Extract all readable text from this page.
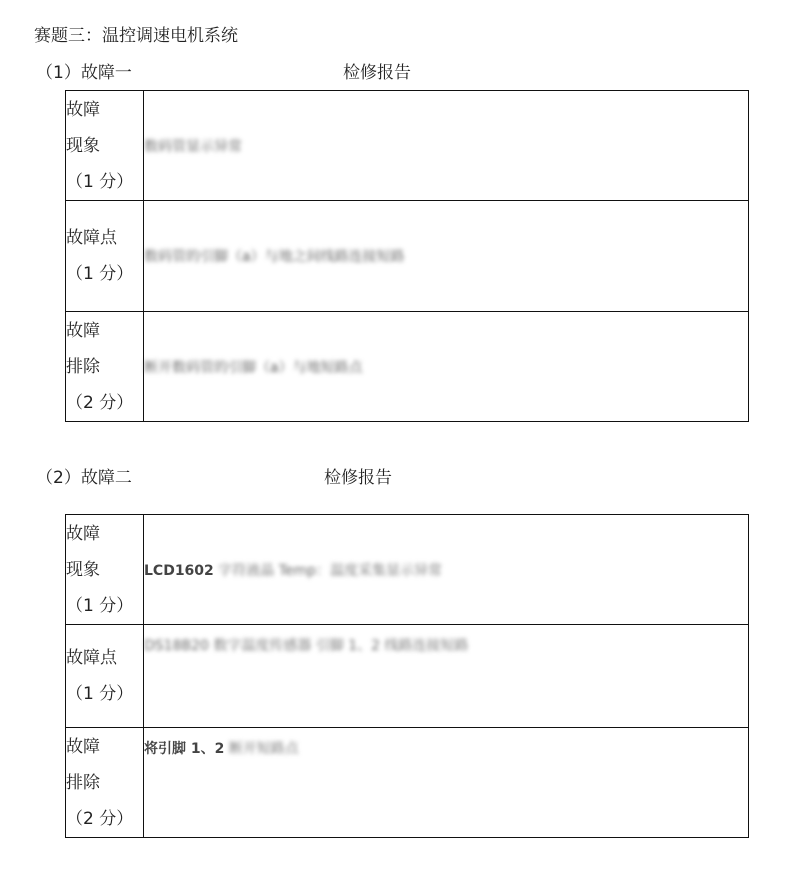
赛题三：温控调速电机系统
（1）故障一	检修报告
故障
现象
（1 分）	数码管显示异常

故障点
（1 分）	数码管的引脚（a）与地之间线路连接短路

故障
排除
（2 分）	断开数码管的引脚（a）与地短路点
（2）故障二	检修报告
故障
现象
（1 分）	LCD1602 字符液晶 Temp：温度采集显示异常

故障点
（1 分）	DS18B20 数字温度传感器 引脚 1、2 线路连接短路

故障
排除
（2 分）	将引脚 1、2 断开短路点
